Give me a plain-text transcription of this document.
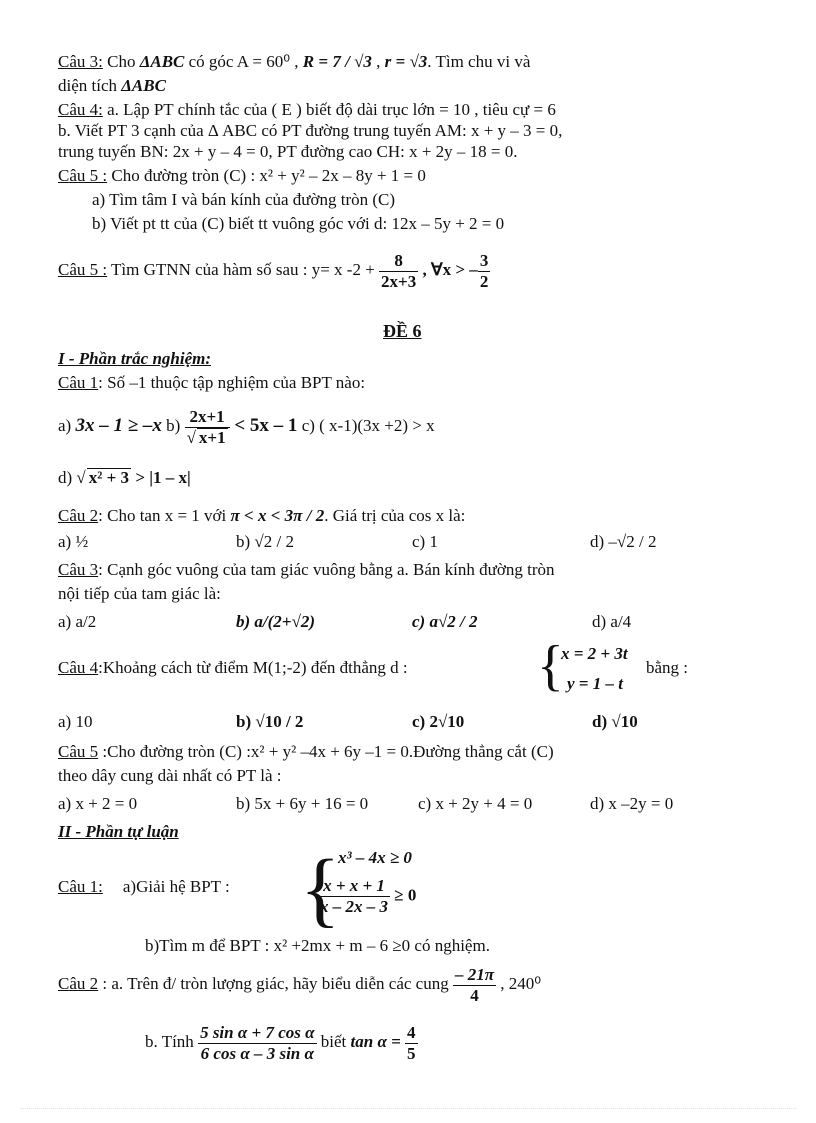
Câu 3: Cho ΔABC có góc A = 60⁰ , R = 7 / √3 , r = √3. Tìm chu vi và
diện tích ΔABC
Câu 4: a. Lập PT chính tắc của ( E ) biết độ dài trục lớn = 10 , tiêu cự = 6
b. Viết PT 3 cạnh của Δ ABC có PT đường trung tuyến AM: x + y – 3 = 0,
trung tuyến BN: 2x + y – 4 = 0, PT đường cao CH: x + 2y – 18 = 0.
Câu 5 : Cho đường tròn (C) : x² + y² – 2x – 8y + 1 = 0
a) Tìm tâm I và bán kính của đường tròn (C)
b) Viết pt tt của (C) biết tt vuông góc với d: 12x – 5y + 2 = 0
Câu 5 : Tìm GTNN của hàm số sau : y= x $-2 + \frac{8}{2x+3}$ , ∀x > – $\frac{3}{2}$
ĐỀ 6
I - Phần trắc nghiệm:
Câu 1: Số –1 thuộc tập nghiệm của BPT nào:
a) 3x – 1 ≥ –x $b) \frac{2x+1}{√ x+1} < 5x - 1$ c) ( x-1)(3x +2) > x
d) √ x² + 3 > |1 – x|
Câu 2: Cho tan x = 1 với π < x < 3π / 2. Giá trị của cos x là:
a) ½	b) √2 / 2	c) 1	d) –√2 / 2
Câu 3: Cạnh góc vuông của tam giác vuông bằng a. Bán kính đường tròn
nội tiếp của tam giác là:
a) a/2	b) a/(2+√2)	c) a√2 / 2	d) a/4
Câu 4:Khoảng cách từ điểm M(1;-2) đến đthẳng d : {
x = 2 + 3t
y = 1 – t
bằng :
a) 10	b) √10 / 2	c) 2√10	d) √10
Câu 5 :Cho đường tròn (C) :x² + y² –4x + 6y –1 = 0.Đường thẳng cắt (C)
theo dây cung dài nhất có PT là :
a) x + 2 = 0	b) 5x + 6y + 16 = 0	c) x + 2y + 4 = 0	d) x –2y = 0
II - Phần tự luận
Câu 1: a)Giải hệ BPT : {
x³ – 4x ≥ 0
$\frac{x + x + 1}{x - 2x - 3} \ge 0$
b)Tìm m để BPT : x² +2mx + m – 6 ≥0 có nghiệm.
Câu 2 : a. Trên đ/ tròn lượng giác, hãy biểu diễn các cung $\frac{- 21\pi}{4}$ , 240⁰
b. Tính $\frac{\text{5 sin α + 7 cos α}}{\text{6 cos α – 3 sin α}}$ biết $\tan \alpha = \frac{4}{5}$
